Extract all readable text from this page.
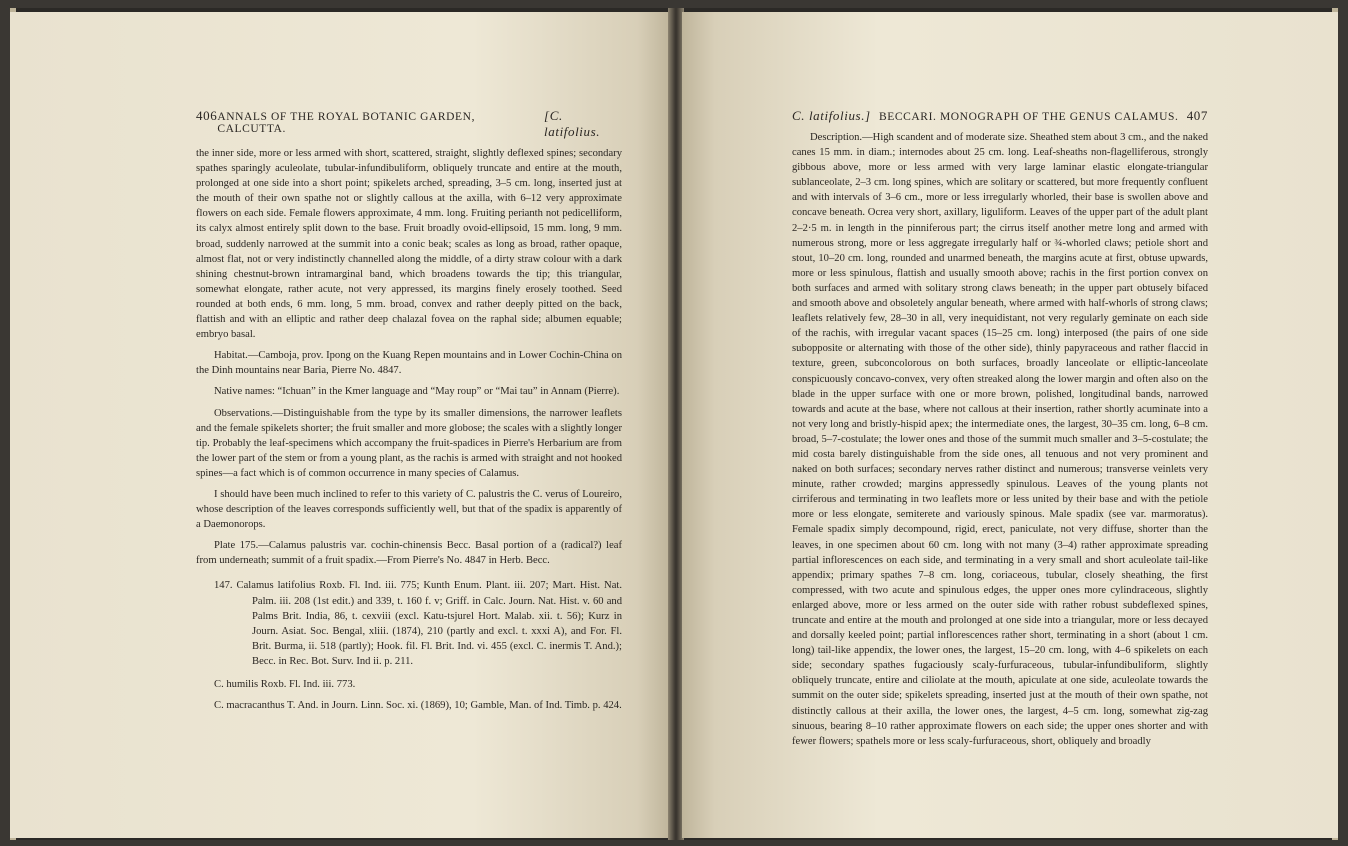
406 ANNALS OF THE ROYAL BOTANIC GARDEN, CALCUTTA.
[C. latifolius.

the inner side, more or less armed with short, scattered, straight, slightly deflexed spines; secondary spathes sparingly aculeolate, tubular-infundibuliform, obliquely truncate and entire at the mouth, prolonged at one side into a short point; spikelets arched, spreading, 3–5 cm. long, inserted just at the mouth of their own spathe not or slightly callous at the axilla, with 6–12 very approximate flowers on each side. Female flowers approximate, 4 mm. long. Fruiting perianth not pedicelliform, its calyx almost entirely split down to the base. Fruit broadly ovoid-ellipsoid, 15 mm. long, 9 mm. broad, suddenly narrowed at the summit into a conic beak; scales as long as broad, rather opaque, almost flat, not or very indistinctly channelled along the middle, of a dirty straw colour with a dark shining chestnut-brown intramarginal band, which broadens towards the tip; this triangular, somewhat elongate, rather acute, not very appressed, its margins finely erosely toothed. Seed rounded at both ends, 6 mm. long, 5 mm. broad, convex and rather deeply pitted on the back, flattish and with an elliptic and rather deep chalazal fovea on the raphal side; albumen equable; embryo basal.

Habitat.—Camboja, prov. Ipong on the Kuang Repen mountains and in Lower Cochin-China on the Dinh mountains near Baria, Pierre No. 4847.

Native names: “Ichuan” in the Kmer language and “May roup” or “Mai tau” in Annam (Pierre).

Observations.—Distinguishable from the type by its smaller dimensions, the narrower leaflets and the female spikelets shorter; the fruit smaller and more globose; the scales with a slightly longer tip. Probably the leaf-specimens which accompany the fruit-spadices in Pierre's Herbarium are from the lower part of the stem or from a young plant, as the rachis is armed with straight and not hooked spines—a fact which is of common occurrence in many species of Calamus.

I should have been much inclined to refer to this variety of C. palustris the C. verus of Loureiro, whose description of the leaves corresponds sufficiently well, but that of the spadix is apparently of a Daemonorops.

Plate 175.—Calamus palustris var. cochin-chinensis Becc. Basal portion of a (radical?) leaf from underneath; summit of a fruit spadix.—From Pierre's No. 4847 in Herb. Becc.

147. Calamus latifolius Roxb. Fl. Ind. iii. 775; Kunth Enum. Plant. iii. 207; Mart. Hist. Nat. Palm. iii. 208 (1st edit.) and 339, t. 160 f. v; Griff. in Calc. Journ. Nat. Hist. v. 60 and Palms Brit. India, 86, t. cexviii (excl. Katu-tsjurel Hort. Malab. xii. t. 56); Kurz in Journ. Asiat. Soc. Bengal, xliii. (1874), 210 (partly and excl. t. xxxi A), and For. Fl. Brit. Burma, ii. 518 (partly); Hook. fil. Fl. Brit. Ind. vi. 455 (excl. C. inermis T. And.); Becc. in Rec. Bot. Surv. Ind ii. p. 211.
C. humilis Roxb. Fl. Ind. iii. 773.
C. macracanthus T. And. in Journ. Linn. Soc. xi. (1869), 10; Gamble, Man. of Ind. Timb. p. 424.
C. latifolius.] BECCARI. MONOGRAPH OF THE GENUS CALAMUS. 407

Description.—High scandent and of moderate size. Sheathed stem about 3 cm., and the naked canes 15 mm. in diam.; internodes about 25 cm. long. Leaf-sheaths non-flagelliferous, strongly gibbous above, more or less armed with very large laminar elastic elongate-triangular sublanceolate, 2–3 cm. long spines, which are solitary or scattered, but more frequently confluent and with intervals of 3–6 cm., more or less irregularly whorled, their base is swollen above and concave beneath. Ocrea very short, axillary, liguliform. Leaves of the upper part of the adult plant 2–2·5 m. in length in the pinniferous part; the cirrus itself another metre long and armed with numerous strong, more or less aggregate irregularly half or ¾-whorled claws; petiole short and stout, 10–20 cm. long, rounded and unarmed beneath, the margins acute at first, obtuse upwards, more or less spinulous, flattish and usually smooth above; rachis in the first portion convex on both surfaces and armed with solitary strong claws beneath; in the upper part obtusely bifaced and smooth above and obsoletely angular beneath, where armed with half-whorls of strong claws; leaflets relatively few, 28–30 in all, very inequidistant, not very regularly geminate on each side of the rachis, with irregular vacant spaces (15–25 cm. long) interposed (the pairs of one side subopposite or alternating with those of the other side), thinly papyraceous and rather flaccid in texture, green, subconcolorous on both surfaces, broadly lanceolate or elliptic-lanceolate conspicuously concavo-convex, very often streaked along the lower margin and often also on the blade in the upper surface with one or more brown, polished, longitudinal bands, narrowed towards and acute at the base, where not callous at their insertion, rather shortly acuminate into a not very long and bristly-hispid apex; the intermediate ones, the largest, 30–35 cm. long, 6–8 cm. broad, 5–7-costulate; the lower ones and those of the summit much smaller and 3–5-costulate; the mid costa barely distinguishable from the side ones, all tenuous and not very prominent and naked on both surfaces; secondary nerves rather distinct and numerous; transverse veinlets very minute, rather crowded; margins appressedly spinulous. Leaves of the young plants not cirriferous and terminating in two leaflets more or less united by their base and with the petiole more or less elongate, semiterete and variously spinous. Male spadix (see var. marmoratus). Female spadix simply decompound, rigid, erect, paniculate, not very diffuse, shorter than the leaves, in one specimen about 60 cm. long with not many (3–4) rather approximate spreading partial inflorescences on each side, and terminating in a very small and short aculeolate tail-like appendix; primary spathes 7–8 cm. long, coriaceous, tubular, closely sheathing, the first compressed, with two acute and spinulous edges, the upper ones more cylindraceous, slightly enlarged above, more or less armed on the outer side with rather robust subdeflexed spines, truncate and entire at the mouth and prolonged at one side into a triangular, more or less decayed and dorsally keeled point; partial inflorescences rather short, terminating in a short (about 1 cm. long) tail-like appendix, the lower ones, the largest, 15–20 cm. long, with 4–6 spikelets on each side; secondary spathes fugaciously scaly-furfuraceous, tubular-infundibuliform, slightly obliquely truncate, entire and ciliolate at the mouth, apiculate at one side, aculeolate towards the summit on the outer side; spikelets spreading, inserted just at the mouth of their own spathe, not distinctly callous at their axilla, the lower ones, the largest, 4–5 cm. long, somewhat zig-zag sinuous, bearing 8–10 rather approximate flowers on each side; the upper ones shorter and with fewer flowers; spathels more or less scaly-furfuraceous, short, obliquely and broadly
